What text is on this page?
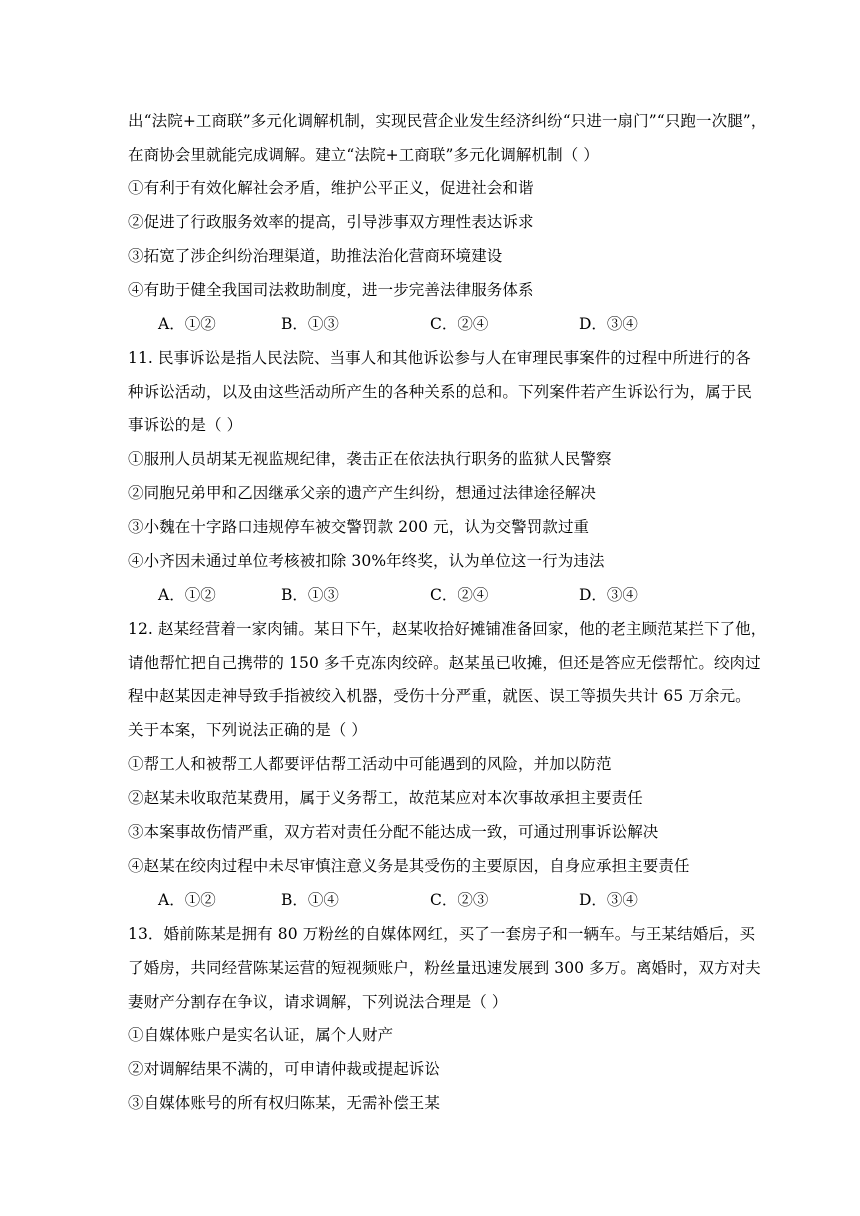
出“法院+工商联”多元化调解机制，实现民营企业发生经济纠纷“只进一扇门”“只跑一次腿”，
在商协会里就能完成调解。建立“法院+工商联”多元化调解机制（ ）
①有利于有效化解社会矛盾，维护公平正义，促进社会和谐
②促进了行政服务效率的提高，引导涉事双方理性表达诉求
③拓宽了涉企纠纷治理渠道，助推法治化营商环境建设
④有助于健全我国司法救助制度，进一步完善法律服务体系
A．①②	B．①③	C．②④	D．③④
11. 民事诉讼是指人民法院、当事人和其他诉讼参与人在审理民事案件的过程中所进行的各
种诉讼活动，以及由这些活动所产生的各种关系的总和。下列案件若产生诉讼行为，属于民
事诉讼的是（ ）
①服刑人员胡某无视监规纪律，袭击正在依法执行职务的监狱人民警察
②同胞兄弟甲和乙因继承父亲的遗产产生纠纷，想通过法律途径解决
③小魏在十字路口违规停车被交警罚款 200 元，认为交警罚款过重
④小齐因未通过单位考核被扣除 30%年终奖，认为单位这一行为违法
A．①②	B．①③	C．②④	D．③④
12. 赵某经营着一家肉铺。某日下午，赵某收拾好摊铺准备回家，他的老主顾范某拦下了他，
请他帮忙把自己携带的 150 多千克冻肉绞碎。赵某虽已收摊，但还是答应无偿帮忙。绞肉过
程中赵某因走神导致手指被绞入机器，受伤十分严重，就医、误工等损失共计 65 万余元。
关于本案，下列说法正确的是（ ）
①帮工人和被帮工人都要评估帮工活动中可能遇到的风险，并加以防范
②赵某未收取范某费用，属于义务帮工，故范某应对本次事故承担主要责任
③本案事故伤情严重，双方若对责任分配不能达成一致，可通过刑事诉讼解决
④赵某在绞肉过程中未尽审慎注意义务是其受伤的主要原因，自身应承担主要责任
A．①②	B．①④	C．②③	D．③④
13．婚前陈某是拥有 80 万粉丝的自媒体网红，买了一套房子和一辆车。与王某结婚后，买
了婚房，共同经营陈某运营的短视频账户，粉丝量迅速发展到 300 多万。离婚时，双方对夫
妻财产分割存在争议，请求调解，下列说法合理是（ ）
①自媒体账户是实名认证，属个人财产
②对调解结果不满的，可申请仲裁或提起诉讼
③自媒体账号的所有权归陈某，无需补偿王某
